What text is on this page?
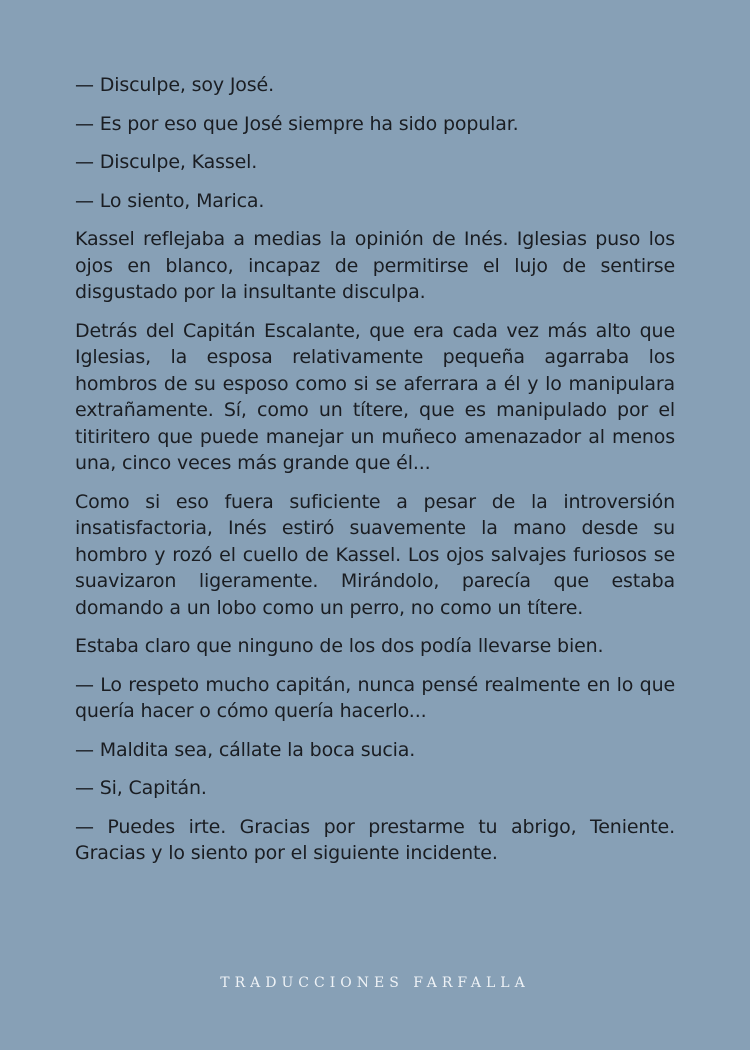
— Disculpe, soy José.

— Es por eso que José siempre ha sido popular.

— Disculpe, Kassel.

— Lo siento, Marica.

Kassel reflejaba a medias la opinión de Inés. Iglesias puso los ojos en blanco, incapaz de permitirse el lujo de sentirse disgustado por la insultante disculpa.

Detrás del Capitán Escalante, que era cada vez más alto que Iglesias, la esposa relativamente pequeña agarraba los hombros de su esposo como si se aferrara a él y lo manipulara extrañamente. Sí, como un títere, que es manipulado por el titiritero que puede manejar un muñeco amenazador al menos una, cinco veces más grande que él...

Como si eso fuera suficiente a pesar de la introversión insatisfactoria, Inés estiró suavemente la mano desde su hombro y rozó el cuello de Kassel. Los ojos salvajes furiosos se suavizaron ligeramente. Mirándolo, parecía que estaba domando a un lobo como un perro, no como un títere.

Estaba claro que ninguno de los dos podía llevarse bien.

— Lo respeto mucho capitán, nunca pensé realmente en lo que quería hacer o cómo quería hacerlo...

— Maldita sea, cállate la boca sucia.

— Si, Capitán.

— Puedes irte. Gracias por prestarme tu abrigo, Teniente. Gracias y lo siento por el siguiente incidente.

TRADUCCIONES FARFALLA
